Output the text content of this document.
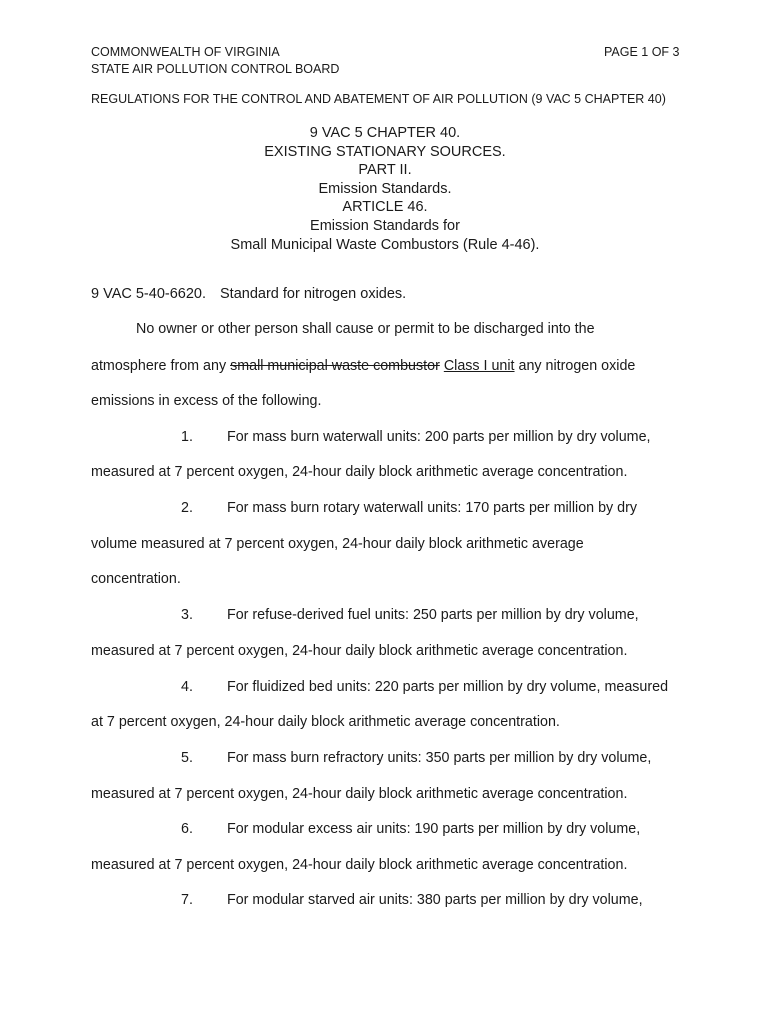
COMMONWEALTH OF VIRGINIA
STATE AIR POLLUTION CONTROL BOARD
PAGE 1 OF 3
REGULATIONS FOR THE CONTROL AND ABATEMENT OF AIR POLLUTION (9 VAC 5 CHAPTER 40)
9 VAC 5 CHAPTER 40.
EXISTING STATIONARY SOURCES.
PART II.
Emission Standards.
ARTICLE 46.
Emission Standards for
Small Municipal Waste Combustors (Rule 4-46).
9 VAC 5-40-6620. Standard for nitrogen oxides.
No owner or other person shall cause or permit to be discharged into the
atmosphere from any small municipal waste combustor Class I unit any nitrogen oxide
emissions in excess of the following.
1. For mass burn waterwall units: 200 parts per million by dry volume,
measured at 7 percent oxygen, 24-hour daily block arithmetic average concentration.
2. For mass burn rotary waterwall units: 170 parts per million by dry
volume measured at 7 percent oxygen, 24-hour daily block arithmetic average
concentration.
3. For refuse-derived fuel units: 250 parts per million by dry volume,
measured at 7 percent oxygen, 24-hour daily block arithmetic average concentration.
4. For fluidized bed units: 220 parts per million by dry volume, measured
at 7 percent oxygen, 24-hour daily block arithmetic average concentration.
5. For mass burn refractory units: 350 parts per million by dry volume,
measured at 7 percent oxygen, 24-hour daily block arithmetic average concentration.
6. For modular excess air units: 190 parts per million by dry volume,
measured at 7 percent oxygen, 24-hour daily block arithmetic average concentration.
7. For modular starved air units: 380 parts per million by dry volume,
